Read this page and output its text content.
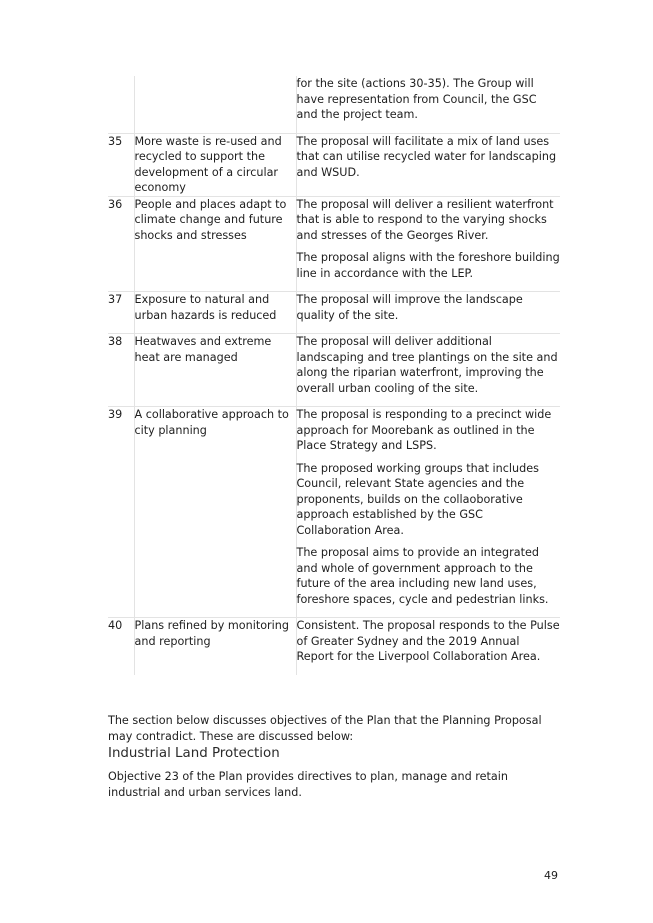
		for the site (actions 30-35). The Group will have representation from Council, the GSC and the project team.

35	More waste is re-used and recycled to support the development of a circular economy	The proposal will facilitate a mix of land uses that can utilise recycled water for landscaping and WSUD.

36	People and places adapt to climate change and future shocks and stresses	The proposal will deliver a resilient waterfront that is able to respond to the varying shocks and stresses of the Georges River.

The proposal aligns with the foreshore building line in accordance with the LEP.

37	Exposure to natural and urban hazards is reduced	The proposal will improve the landscape quality of the site.

38	Heatwaves and extreme heat are managed	The proposal will deliver additional landscaping and tree plantings on the site and along the riparian waterfront, improving the overall urban cooling of the site.

39	A collaborative approach to city planning	The proposal is responding to a precinct wide approach for Moorebank as outlined in the Place Strategy and LSPS.

The proposed working groups that includes Council, relevant State agencies and the proponents, builds on the collaoborative approach established by the GSC Collaboration Area.

The proposal aims to provide an integrated and whole of government approach to the future of the area including new land uses, foreshore spaces, cycle and pedestrian links.

40	Plans refined by monitoring and reporting	Consistent. The proposal responds to the Pulse of Greater Sydney and the 2019 Annual Report for the Liverpool Collaboration Area.

The section below discusses objectives of the Plan that the Planning Proposal may contradict. These are discussed below:

Industrial Land Protection

Objective 23 of the Plan provides directives to plan, manage and retain industrial and urban services land.

49
